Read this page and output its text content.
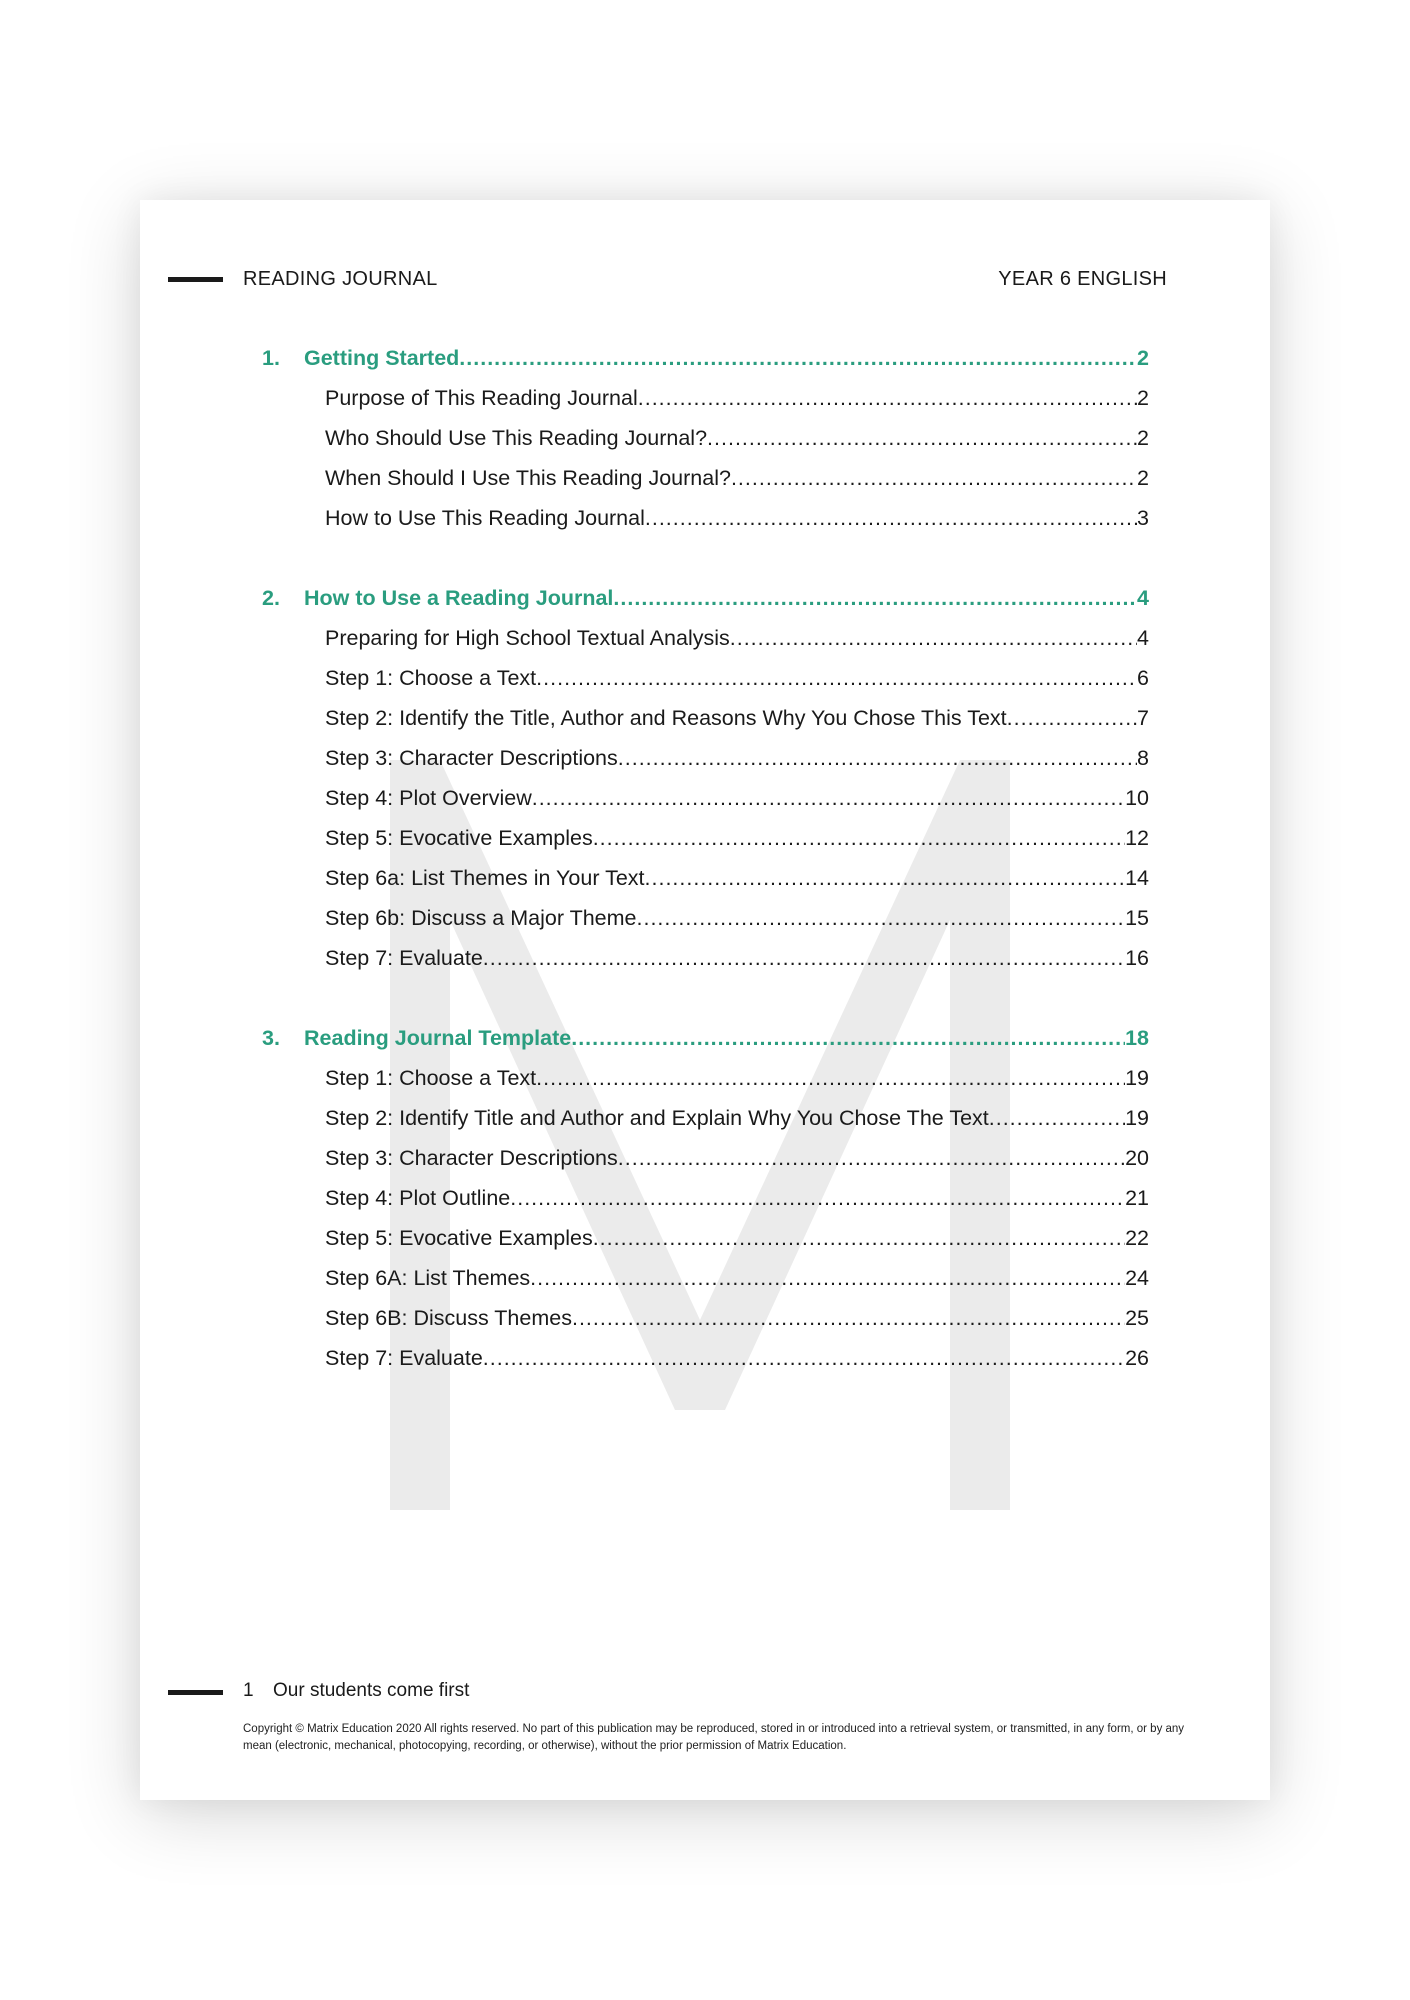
READING JOURNAL	YEAR 6 ENGLISH
1.	Getting Started .....	2
Purpose of This Reading Journal .....	2
Who Should Use This Reading Journal? .....	2
When Should I Use This Reading Journal? .....	2
How to Use This Reading Journal .....	3
2.	How to Use a Reading Journal .....	4
Preparing for High School Textual Analysis .....	4
Step 1: Choose a Text .....	6
Step 2: Identify the Title, Author and Reasons Why You Chose This Text .....	7
Step 3: Character Descriptions .....	8
Step 4: Plot Overview .....	10
Step 5: Evocative Examples .....	12
Step 6a: List Themes in Your Text .....	14
Step 6b: Discuss a Major Theme .....	15
Step 7: Evaluate .....	16
3.	Reading Journal Template .....	18
Step 1: Choose a Text .....	19
Step 2: Identify Title and Author and Explain Why You Chose The Text .....	19
Step 3: Character Descriptions .....	20
Step 4: Plot Outline .....	21
Step 5: Evocative Examples .....	22
Step 6A: List Themes .....	24
Step 6B: Discuss Themes .....	25
Step 7: Evaluate .....	26
1 Our students come first
Copyright © Matrix Education 2020 All rights reserved. No part of this publication may be reproduced, stored in or introduced into a retrieval system, or transmitted, in any form, or by any mean (electronic, mechanical, photocopying, recording, or otherwise), without the prior permission of Matrix Education.
